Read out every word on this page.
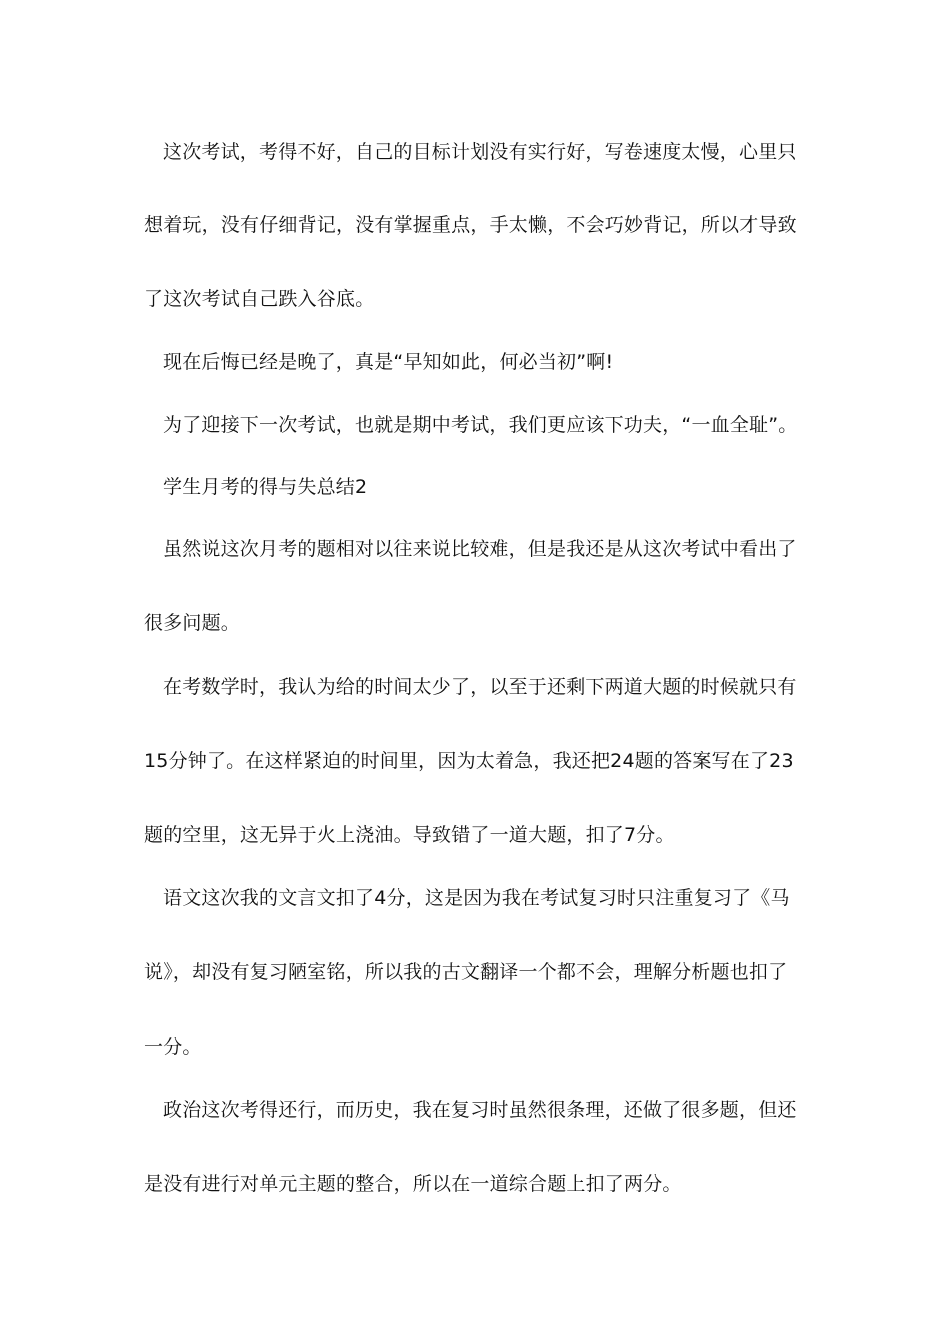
这次考试，考得不好，自己的目标计划没有实行好，写卷速度太慢，心里只
想着玩，没有仔细背记，没有掌握重点，手太懒，不会巧妙背记，所以才导致
了这次考试自己跌入谷底。
现在后悔已经是晚了，真是“早知如此，何必当初”啊!
为了迎接下一次考试，也就是期中考试，我们更应该下功夫，“一血全耻”。
学生月考的得与失总结2
虽然说这次月考的题相对以往来说比较难，但是我还是从这次考试中看出了
很多问题。
在考数学时，我认为给的时间太少了，以至于还剩下两道大题的时候就只有
15分钟了。在这样紧迫的时间里，因为太着急，我还把24题的答案写在了23
题的空里，这无异于火上浇油。导致错了一道大题，扣了7分。
语文这次我的文言文扣了4分，这是因为我在考试复习时只注重复习了《马
说》，却没有复习陋室铭，所以我的古文翻译一个都不会，理解分析题也扣了
一分。
政治这次考得还行，而历史，我在复习时虽然很条理，还做了很多题，但还
是没有进行对单元主题的整合，所以在一道综合题上扣了两分。
